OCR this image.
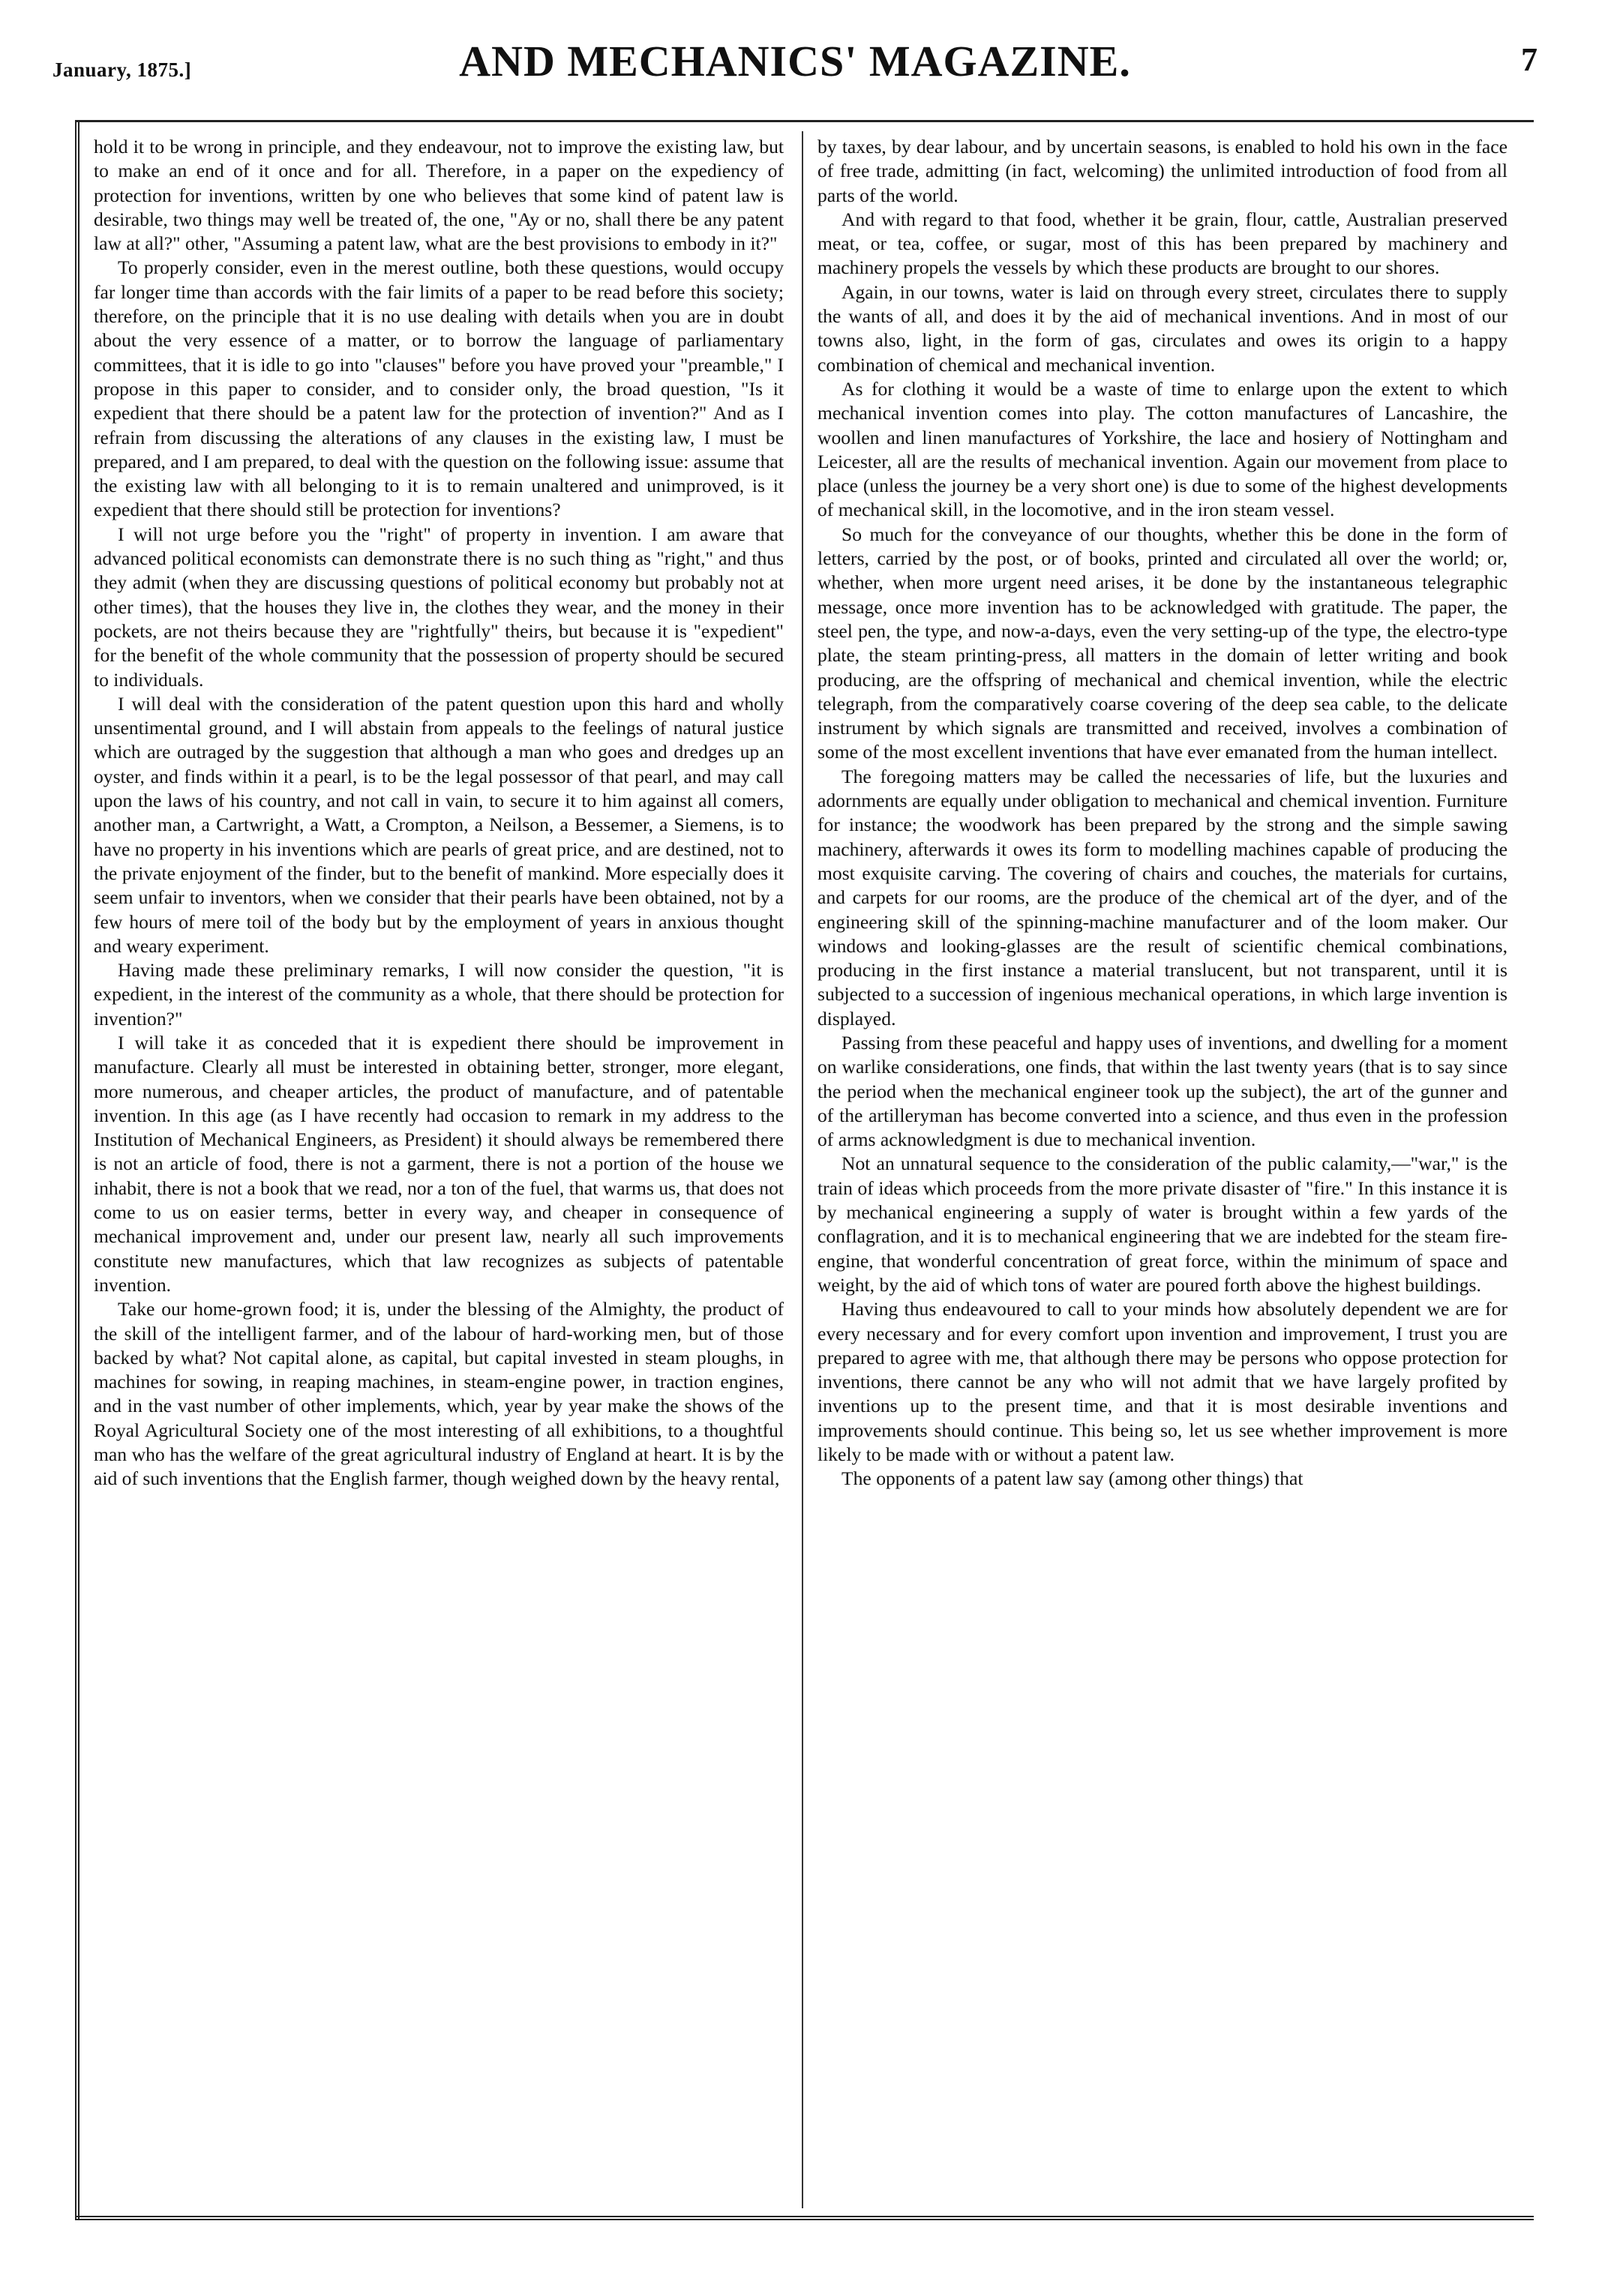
January, 1875.]	AND MECHANICS' MAGAZINE.	7

hold it to be wrong in principle, and they endeavour, not to improve the existing law, but to make an end of it once and for all. Therefore, in a paper on the expediency of protection for inventions, written by one who believes that some kind of patent law is desirable, two things may well be treated of, the one, "Ay or no, shall there be any patent law at all?" other, "Assuming a patent law, what are the best provisions to embody in it?"

To properly consider, even in the merest outline, both these questions, would occupy far longer time than accords with the fair limits of a paper to be read before this society; therefore, on the principle that it is no use dealing with details when you are in doubt about the very essence of a matter, or to borrow the language of parliamentary committees, that it is idle to go into "clauses" before you have proved your "preamble," I propose in this paper to consider, and to consider only, the broad question, "Is it expedient that there should be a patent law for the protection of invention?" And as I refrain from discussing the alterations of any clauses in the existing law, I must be prepared, and I am prepared, to deal with the question on the following issue: assume that the existing law with all belonging to it is to remain unaltered and unimproved, is it expedient that there should still be protection for inventions?

I will not urge before you the "right" of property in invention. I am aware that advanced political economists can demonstrate there is no such thing as "right," and thus they admit (when they are discussing questions of political economy but probably not at other times), that the houses they live in, the clothes they wear, and the money in their pockets, are not theirs because they are "rightfully" theirs, but because it is "expedient" for the benefit of the whole community that the possession of property should be secured to individuals.

I will deal with the consideration of the patent question upon this hard and wholly unsentimental ground, and I will abstain from appeals to the feelings of natural justice which are outraged by the suggestion that although a man who goes and dredges up an oyster, and finds within it a pearl, is to be the legal possessor of that pearl, and may call upon the laws of his country, and not call in vain, to secure it to him against all comers, another man, a Cartwright, a Watt, a Crompton, a Neilson, a Bessemer, a Siemens, is to have no property in his inventions which are pearls of great price, and are destined, not to the private enjoyment of the finder, but to the benefit of mankind. More especially does it seem unfair to inventors, when we consider that their pearls have been obtained, not by a few hours of mere toil of the body but by the employment of years in anxious thought and weary experiment.

Having made these preliminary remarks, I will now consider the question, "it is expedient, in the interest of the community as a whole, that there should be protection for invention?"

I will take it as conceded that it is expedient there should be improvement in manufacture. Clearly all must be interested in obtaining better, stronger, more elegant, more numerous, and cheaper articles, the product of manufacture, and of patentable invention. In this age (as I have recently had occasion to remark in my address to the Institution of Mechanical Engineers, as President) it should always be remembered there is not an article of food, there is not a garment, there is not a portion of the house we inhabit, there is not a book that we read, nor a ton of the fuel, that warms us, that does not come to us on easier terms, better in every way, and cheaper in consequence of mechanical improvement and, under our present law, nearly all such improvements constitute new manufactures, which that law recognizes as subjects of patentable invention.

Take our home-grown food; it is, under the blessing of the Almighty, the product of the skill of the intelligent farmer, and of the labour of hard-working men, but of those backed by what? Not capital alone, as capital, but capital invested in steam ploughs, in machines for sowing, in reaping machines, in steam-engine power, in traction engines, and in the vast number of other implements, which, year by year make the shows of the Royal Agricultural Society one of the most interesting of all exhibitions, to a thoughtful man who has the welfare of the great agricultural industry of England at heart. It is by the aid of such inventions that the English farmer, though weighed down by the heavy rental,

by taxes, by dear labour, and by uncertain seasons, is enabled to hold his own in the face of free trade, admitting (in fact, welcoming) the unlimited introduction of food from all parts of the world.

And with regard to that food, whether it be grain, flour, cattle, Australian preserved meat, or tea, coffee, or sugar, most of this has been prepared by machinery and machinery propels the vessels by which these products are brought to our shores.

Again, in our towns, water is laid on through every street, circulates there to supply the wants of all, and does it by the aid of mechanical inventions. And in most of our towns also, light, in the form of gas, circulates and owes its origin to a happy combination of chemical and mechanical invention.

As for clothing it would be a waste of time to enlarge upon the extent to which mechanical invention comes into play. The cotton manufactures of Lancashire, the woollen and linen manufactures of Yorkshire, the lace and hosiery of Nottingham and Leicester, all are the results of mechanical invention. Again our movement from place to place (unless the journey be a very short one) is due to some of the highest developments of mechanical skill, in the locomotive, and in the iron steam vessel.

So much for the conveyance of our thoughts, whether this be done in the form of letters, carried by the post, or of books, printed and circulated all over the world; or, whether, when more urgent need arises, it be done by the instantaneous telegraphic message, once more invention has to be acknowledged with gratitude. The paper, the steel pen, the type, and now-a-days, even the very setting-up of the type, the electro-type plate, the steam printing-press, all matters in the domain of letter writing and book producing, are the offspring of mechanical and chemical invention, while the electric telegraph, from the comparatively coarse covering of the deep sea cable, to the delicate instrument by which signals are transmitted and received, involves a combination of some of the most excellent inventions that have ever emanated from the human intellect.

The foregoing matters may be called the necessaries of life, but the luxuries and adornments are equally under obligation to mechanical and chemical invention. Furniture for instance; the woodwork has been prepared by the strong and the simple sawing machinery, afterwards it owes its form to modelling machines capable of producing the most exquisite carving. The covering of chairs and couches, the materials for curtains, and carpets for our rooms, are the produce of the chemical art of the dyer, and of the engineering skill of the spinning-machine manufacturer and of the loom maker. Our windows and looking-glasses are the result of scientific chemical combinations, producing in the first instance a material translucent, but not transparent, until it is subjected to a succession of ingenious mechanical operations, in which large invention is displayed.

Passing from these peaceful and happy uses of inventions, and dwelling for a moment on warlike considerations, one finds, that within the last twenty years (that is to say since the period when the mechanical engineer took up the subject), the art of the gunner and of the artilleryman has become converted into a science, and thus even in the profession of arms acknowledgment is due to mechanical invention.

Not an unnatural sequence to the consideration of the public calamity,—"war," is the train of ideas which proceeds from the more private disaster of "fire." In this instance it is by mechanical engineering a supply of water is brought within a few yards of the conflagration, and it is to mechanical engineering that we are indebted for the steam fire-engine, that wonderful concentration of great force, within the minimum of space and weight, by the aid of which tons of water are poured forth above the highest buildings.

Having thus endeavoured to call to your minds how absolutely dependent we are for every necessary and for every comfort upon invention and improvement, I trust you are prepared to agree with me, that although there may be persons who oppose protection for inventions, there cannot be any who will not admit that we have largely profited by inventions up to the present time, and that it is most desirable inventions and improvements should continue. This being so, let us see whether improvement is more likely to be made with or without a patent law.

The opponents of a patent law say (among other things) that
